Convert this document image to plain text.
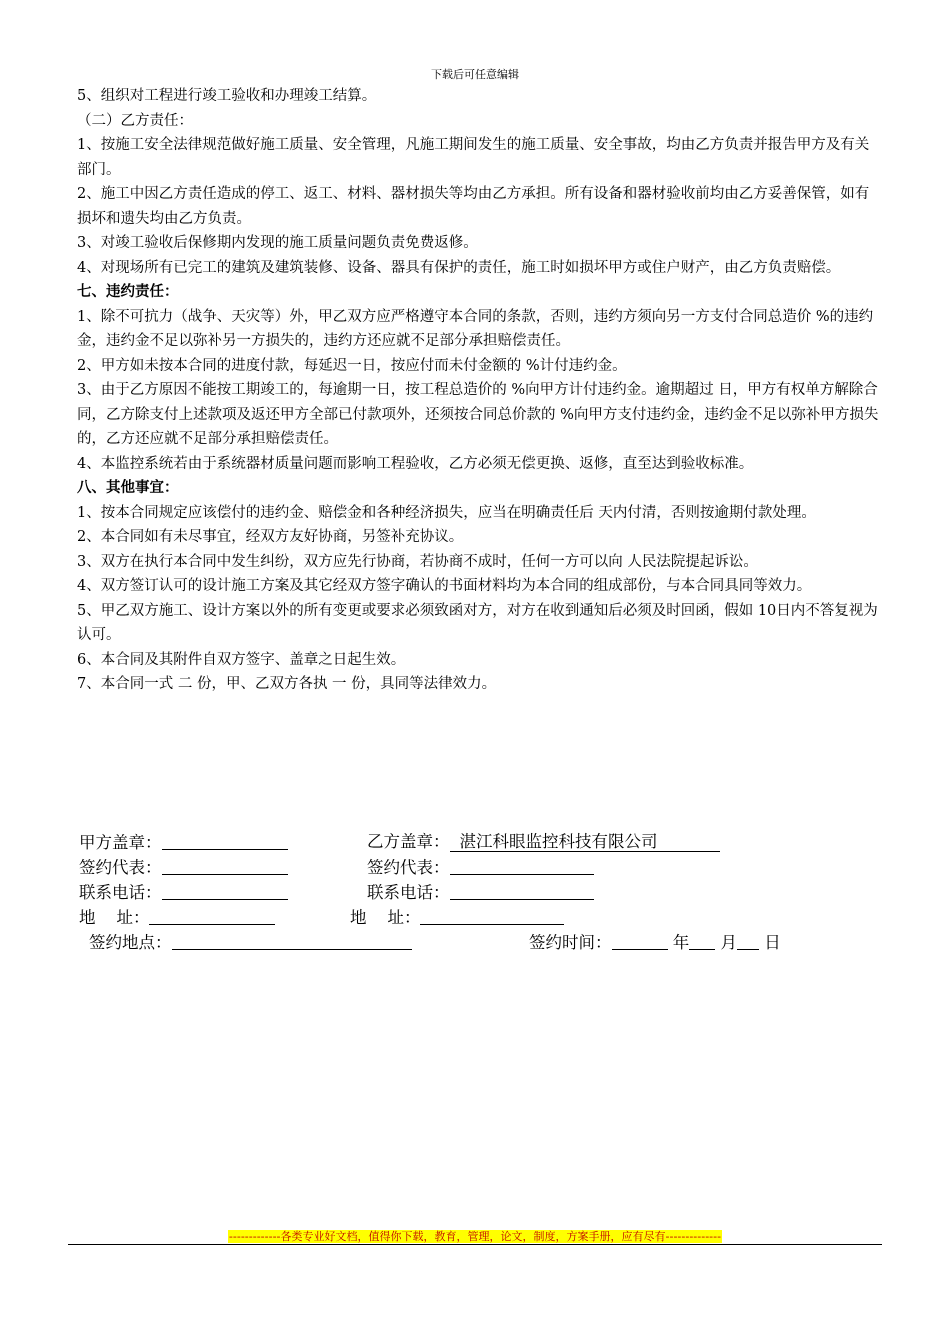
下载后可任意编辑

5、组织对工程进行竣工验收和办理竣工结算。

（二）乙方责任：

1、按施工安全法律规范做好施工质量、安全管理，凡施工期间发生的施工质量、安全事故，均由乙方负责并报告甲方及有关部门。

2、施工中因乙方责任造成的停工、返工、材料、器材损失等均由乙方承担。所有设备和器材验收前均由乙方妥善保管，如有损坏和遗失均由乙方负责。

3、对竣工验收后保修期内发现的施工质量问题负责免费返修。

4、对现场所有已完工的建筑及建筑装修、设备、器具有保护的责任，施工时如损坏甲方或住户财产，由乙方负责赔偿。

七、违约责任：

1、除不可抗力（战争、天灾等）外，甲乙双方应严格遵守本合同的条款，否则，违约方须向另一方支付合同总造价 %的违约金，违约金不足以弥补另一方损失的，违约方还应就不足部分承担赔偿责任。

2、甲方如未按本合同的进度付款，每延迟一日，按应付而未付金额的 %计付违约金。

3、由于乙方原因不能按工期竣工的，每逾期一日，按工程总造价的 %向甲方计付违约金。逾期超过 日，甲方有权单方解除合同，乙方除支付上述款项及返还甲方全部已付款项外，还须按合同总价款的 %向甲方支付违约金，违约金不足以弥补甲方损失的，乙方还应就不足部分承担赔偿责任。

4、本监控系统若由于系统器材质量问题而影响工程验收，乙方必须无偿更换、返修，直至达到验收标准。

八、其他事宜：

1、按本合同规定应该偿付的违约金、赔偿金和各种经济损失，应当在明确责任后 天内付清，否则按逾期付款处理。

2、本合同如有未尽事宜，经双方友好协商，另签补充协议。

3、双方在执行本合同中发生纠纷，双方应先行协商，若协商不成时，任何一方可以向 人民法院提起诉讼。

4、双方签订认可的设计施工方案及其它经双方签字确认的书面材料均为本合同的组成部份，与本合同具同等效力。

5、甲乙双方施工、设计方案以外的所有变更或要求必须致函对方，对方在收到通知后必须及时回函，假如 10日内不答复视为认可。

6、本合同及其附件自双方签字、盖章之日起生效。

7、本合同一式 二 份，甲、乙双方各执 一 份，具同等法律效力。

甲方盖章：	乙方盖章： 湛江科眼监控科技有限公司
签约代表：	签约代表：
联系电话：	联系电话：
地    址：	地    址：
签约地点：	签约时间：	年 月 日
-------------各类专业好文档，值得你下载，教育，管理，论文，制度，方案手册，应有尽有--------------
